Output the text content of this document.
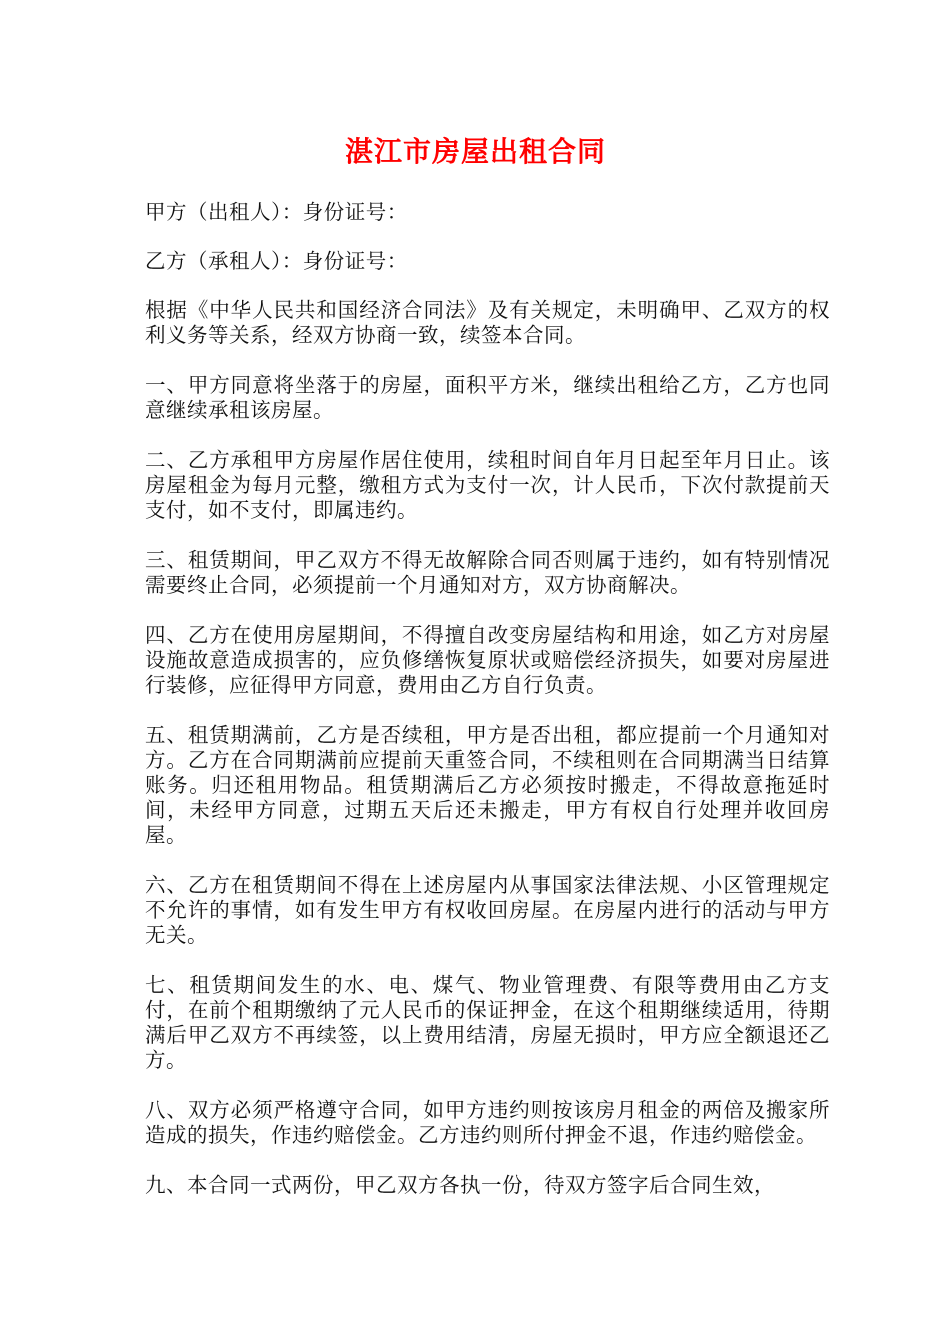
湛江市房屋出租合同

甲方（出租人）：身份证号：

乙方（承租人）：身份证号：

根据《中华人民共和国经济合同法》及有关规定，未明确甲、乙双方的权利义务等关系，经双方协商一致，续签本合同。

一、甲方同意将坐落于的房屋，面积平方米，继续出租给乙方，乙方也同意继续承租该房屋。

二、乙方承租甲方房屋作居住使用，续租时间自年月日起至年月日止。该房屋租金为每月元整，缴租方式为支付一次，计人民币，下次付款提前天支付，如不支付，即属违约。

三、租赁期间，甲乙双方不得无故解除合同否则属于违约，如有特别情况需要终止合同，必须提前一个月通知对方，双方协商解决。

四、乙方在使用房屋期间，不得擅自改变房屋结构和用途，如乙方对房屋设施故意造成损害的，应负修缮恢复原状或赔偿经济损失，如要对房屋进行装修，应征得甲方同意，费用由乙方自行负责。

五、租赁期满前，乙方是否续租，甲方是否出租，都应提前一个月通知对方。乙方在合同期满前应提前天重签合同，不续租则在合同期满当日结算账务。归还租用物品。租赁期满后乙方必须按时搬走，不得故意拖延时间，未经甲方同意，过期五天后还未搬走，甲方有权自行处理并收回房屋。

六、乙方在租赁期间不得在上述房屋内从事国家法律法规、小区管理规定不允许的事情，如有发生甲方有权收回房屋。在房屋内进行的活动与甲方无关。

七、租赁期间发生的水、电、煤气、物业管理费、有限等费用由乙方支付，在前个租期缴纳了元人民币的保证押金，在这个租期继续适用，待期满后甲乙双方不再续签，以上费用结清，房屋无损时，甲方应全额退还乙方。

八、双方必须严格遵守合同，如甲方违约则按该房月租金的两倍及搬家所造成的损失，作违约赔偿金。乙方违约则所付押金不退，作违约赔偿金。

九、本合同一式两份，甲乙双方各执一份，待双方签字后合同生效，
